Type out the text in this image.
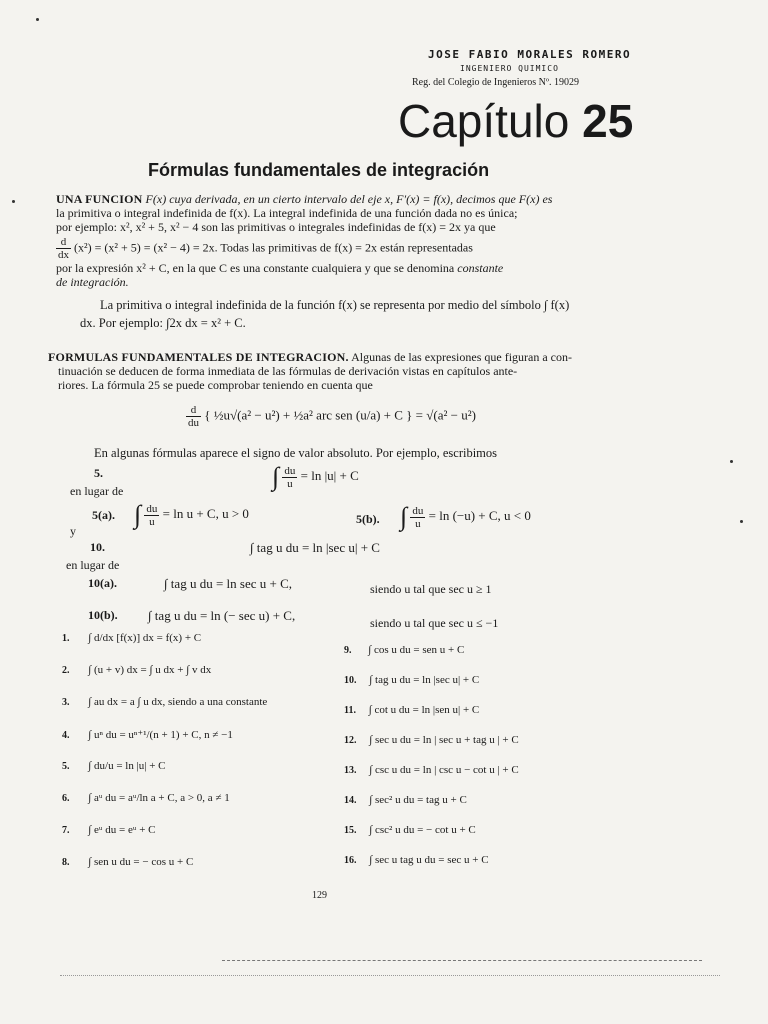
JOSE FABIO MORALES ROMERO
INGENIERO QUIMICO
Reg. del Colegio de Ingenieros Nº. 19029
Capítulo 25
Fórmulas fundamentales de integración
UNA FUNCION F(x) cuya derivada, en un cierto intervalo del eje x, F′(x) = f(x), decimos que F(x) es
la primitiva o integral indefinida de f(x). La integral indefinida de una función dada no es única;
por ejemplo: x², x² + 5, x² − 4 son las primitivas o integrales indefinidas de f(x) = 2x ya que
$\frac{d}{dx} (x^2) = (x^2 + 5) = (x^2 - 4) = 2x$. Todas las primitivas de f(x) = 2x están representadas
por la expresión x² + C, en la que C es una constante cualquiera y que se denomina constante
de integración.
La primitiva o integral indefinida de la función f(x) se representa por medio del símbolo ∫ f(x)
dx. Por ejemplo: ∫2x dx = x² + C.
FORMULAS FUNDAMENTALES DE INTEGRACION. Algunas de las expresiones que figuran a con-
tinuación se deducen de forma inmediata de las fórmulas de derivación vistas en capítulos ante-
riores. La fórmula 25 se puede comprobar teniendo en cuenta que
$\frac{d}{du}$ { ½u√(a² − u²) + ½a² arc sen (u/a) + C } = √(a² − u²)
En algunas fórmulas aparece el signo de valor absoluto. Por ejemplo, escribimos
5.	∫ $\frac{du}{u} = \ln |u| + C$
en lugar de
5(a). ∫ $\frac{du}{u} = \ln u + C$, u > 0	5(b). ∫ $\frac{du}{u} = \ln (-u) + C$, u < 0
y
10.	∫ tag u du = ln |sec u| + C
en lugar de
10(a).	∫ tag u du = ln sec u + C,	siendo u tal que sec u ≥ 1
10(b). ∫ tag u du = ln (− sec u) + C,	siendo u tal que sec u ≤ −1
1. ∫ d/dx [f(x)] dx = f(x) + C
2. ∫ (u + v) dx = ∫ u dx + ∫ v dx
3. ∫ au dx = a ∫ u dx, siendo a una constante
4. ∫ uⁿ du = uⁿ⁺¹/(n + 1) + C, n ≠ −1
5. ∫ du/u = ln |u| + C
6. ∫ aᵘ du = aᵘ/ln a + C, a > 0, a ≠ 1
7. ∫ eᵘ du = eᵘ + C
8. ∫ sen u du = − cos u + C
9. ∫ cos u du = sen u + C
10. ∫ tag u du = ln |sec u| + C
11. ∫ cot u du = ln |sen u| + C
12. ∫ sec u du = ln | sec u + tag u | + C
13. ∫ csc u du = ln | csc u − cot u | + C
14. ∫ sec² u du = tag u + C
15. ∫ csc² u du = − cot u + C
16. ∫ sec u tag u du = sec u + C
129
